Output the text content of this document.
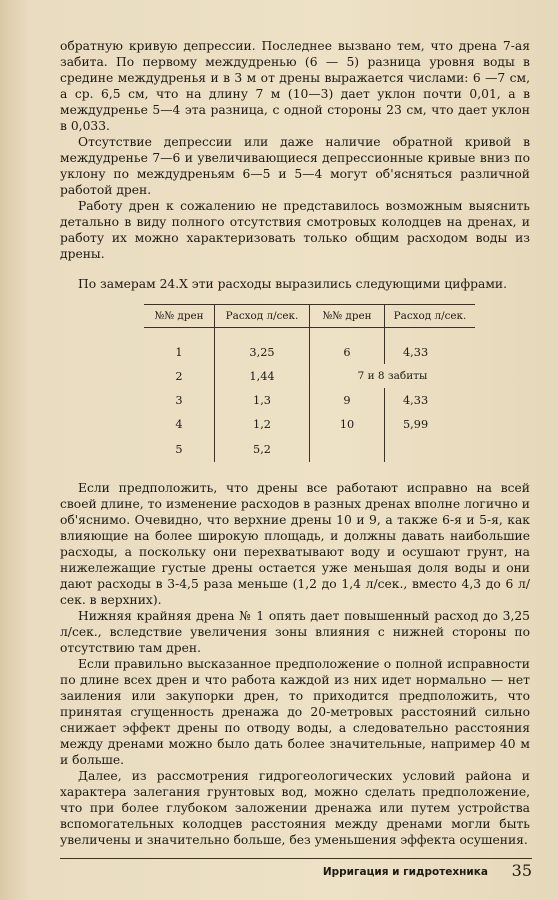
обратную кривую депрессии. Последнее вызвано тем, что дрена 7-ая забита. По первому междудренью (6 — 5) разница уровня воды в средине междудренья и в 3 м от дрены выражается числами: 6 —7 см, а ср. 6,5 см, что на длину 7 м (10—3) дает уклон почти 0,01, а в междудренье 5—4 эта разница, с одной стороны 23 см, что дает уклон в 0,033.

Отсутствие депрессии или даже наличие обратной кривой в междудренье 7—6 и увеличивающиеся депрессионные кривые вниз по уклону по междудреньям 6—5 и 5—4 могут об'ясняться различной работой дрен.

Работу дрен к сожалению не представилось возможным выяснить детально в виду полного отсутствия смотровых колодцев на дренах, и работу их можно характеризовать только общим расходом воды из дрены.

По замерам 24.X эти расходы выразились следующими цифрами.

№№ дрен	Расход л/сек.	№№ дрен	Расход л/сек.

1	3,25	6	4,33
2	1,44	7 и 8 забиты	
3	1,3	9	4,33
4	1,2	10	5,99
5	5,2		

Если предположить, что дрены все работают исправно на всей своей длине, то изменение расходов в разных дренах вполне логично и об'яснимо. Очевидно, что верхние дрены 10 и 9, а также 6-я и 5-я, как влияющие на более широкую площадь, и должны давать наибольшие расходы, а поскольку они перехватывают воду и осушают грунт, на нижележащие густые дрены остается уже меньшая доля воды и они дают расходы в 3-4,5 раза меньше (1,2 до 1,4 л/сек., вместо 4,3 до 6 л/сек. в верхних).

Нижняя крайняя дрена № 1 опять дает повышенный расход до 3,25 л/сек., вследствие увеличения зоны влияния с нижней стороны по отсутствию там дрен.

Если правильно высказанное предположение о полной исправности по длине всех дрен и что работа каждой из них идет нормально — нет заиления или закупорки дрен, то приходится предположить, что принятая сгущенность дренажа до 20-метровых расстояний сильно снижает эффект дрены по отводу воды, а следовательно расстояния между дренами можно было дать более значительные, например 40 м и больше.

Далее, из рассмотрения гидрогеологических условий района и характера залегания грунтовых вод, можно сделать предположение, что при более глубоком заложении дренажа или путем устройства вспомогательных колодцев расстояния между дренами могли быть увеличены и значительно больше, без уменьшения эффекта осушения.

Ирригация и гидротехника 35
